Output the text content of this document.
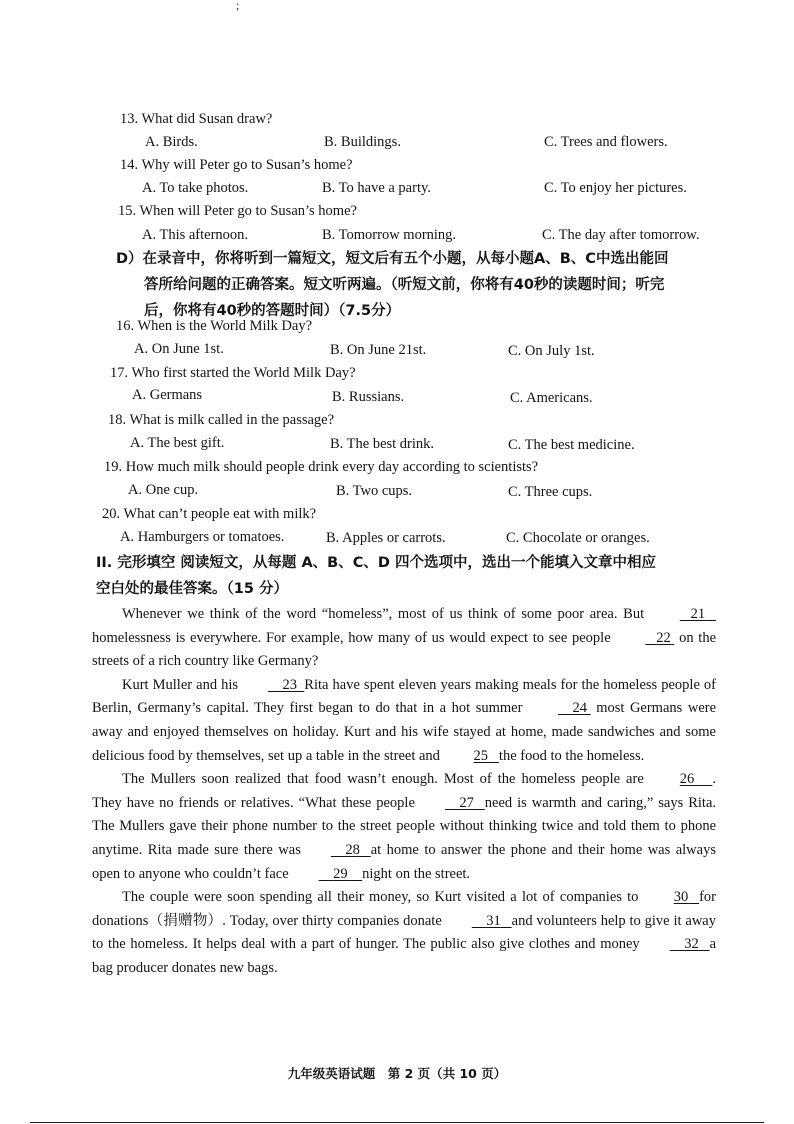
;
13. What did Susan draw?
A. Birds.	B. Buildings.	C. Trees and flowers.
14. Why will Peter go to Susan’s home?
A. To take photos.	B. To have a party.	C. To enjoy her pictures.
15. When will Peter go to Susan’s home?
A. This afternoon.	B. Tomorrow morning.	C. The day after tomorrow.
D）在录音中，你将听到一篇短文，短文后有五个小题，从每小题A、B、C中选出能回
答所给问题的正确答案。短文听两遍。（听短文前，你将有40秒的读题时间；听完
后，你将有40秒的答题时间）（7.5分）
16. When is the World Milk Day?
A. On June 1st.	B. On June 21st.	C. On July 1st.
17. Who first started the World Milk Day?
A. Germans	B. Russians.	C. Americans.
18. What is milk called in the passage?
A. The best gift.	B. The best drink.	C. The best medicine.
19. How much milk should people drink every day according to scientists?
A. One cup.	B. Two cups.	C. Three cups.
20. What can’t people eat with milk?
A. Hamburgers or tomatoes.	B. Apples or carrots.	C. Chocolate or oranges.
II. 完形填空 阅读短文，从每题 A、B、C、D 四个选项中，选出一个能填入文章中相应
空白处的最佳答案。（15 分）

Whenever we think of the word “homeless”, most of us think of some poor area. But	21    homelessness is everywhere. For example, how many of us would expect to see people	22 on the streets of a rich country like Germany?

Kurt Muller and his	23 Rita have spent eleven years making meals for the homeless people of Berlin, Germany’s capital. They first began to do that in a hot summer	24 most Germans were away and enjoyed themselves on holiday. Kurt and his wife stayed at home, made sandwiches and some delicious food by themselves, set up a table in the street and 25 the food to the homeless.

The Mullers soon realized that food wasn’t enough. Most of the homeless people are 26 . They have no friends or relatives. “What these people	27 need is warmth and caring,” says Rita. The Mullers gave their phone number to the street people without thinking twice and told them to phone anytime. Rita made sure there was	28 at home to answer the phone and their home was always open to anyone who couldn’t face	29 night on the street.

The couple were soon spending all their money, so Kurt visited a lot of companies to 30 for donations（捐赠物）. Today, over thirty companies donate	31 and volunteers help to give it away to the homeless. It helps deal with a part of hunger. The public also give clothes and money	32 a bag producer donates new bags.

九年级英语试题　第 2 页（共 10 页）
